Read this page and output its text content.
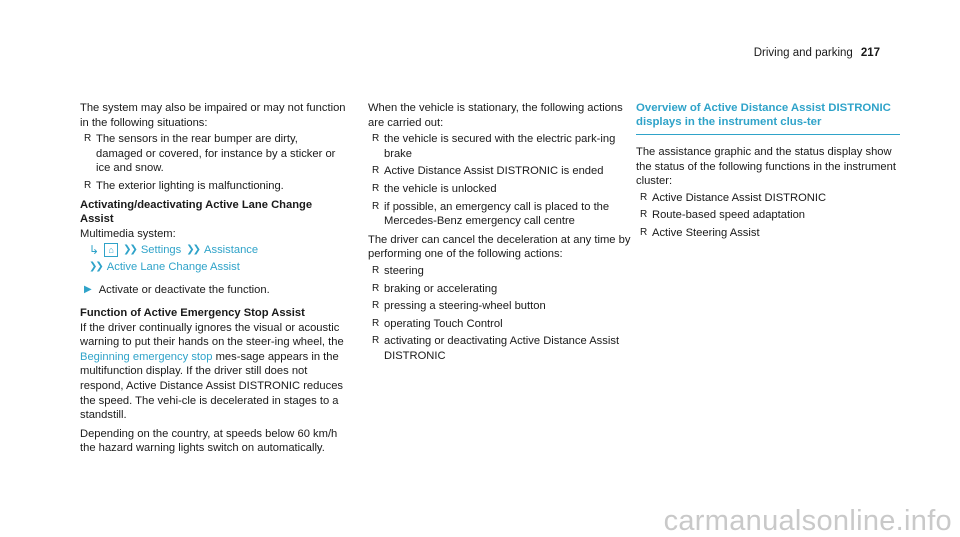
Driving and parking 217

The system may also be impaired or may not function in the following situations:

R The sensors in the rear bumper are dirty, damaged or covered, for instance by a sticker or ice and snow.
R The exterior lighting is malfunctioning.

Activating/deactivating Active Lane Change Assist

Multimedia system:

↳	⌂ ❯❯ Settings ❯❯ Assistance
❯❯ Active Lane Change Assist
▶ Activate or deactivate the function.

Function of Active Emergency Stop Assist

If the driver continually ignores the visual or acoustic warning to put their hands on the steer-ing wheel, the Beginning emergency stop mes-sage appears in the multifunction display. If the driver still does not respond, Active Distance Assist DISTRONIC reduces the speed. The vehi-cle is decelerated in stages to a standstill.

Depending on the country, at speeds below 60 km/h the hazard warning lights switch on automatically.

When the vehicle is stationary, the following actions are carried out:

R the vehicle is secured with the electric park-ing brake
R Active Distance Assist DISTRONIC is ended
R the vehicle is unlocked
R if possible, an emergency call is placed to the Mercedes-Benz emergency call centre

The driver can cancel the deceleration at any time by performing one of the following actions:

R steering
R braking or accelerating
R pressing a steering-wheel button
R operating Touch Control
R activating or deactivating Active Distance Assist DISTRONIC
Overview of Active Distance Assist DISTRONIC displays in the instrument clus-ter

The assistance graphic and the status display show the status of the following functions in the instrument cluster:

R Active Distance Assist DISTRONIC
R Route-based speed adaptation
R Active Steering Assist
carmanualsonline.info
